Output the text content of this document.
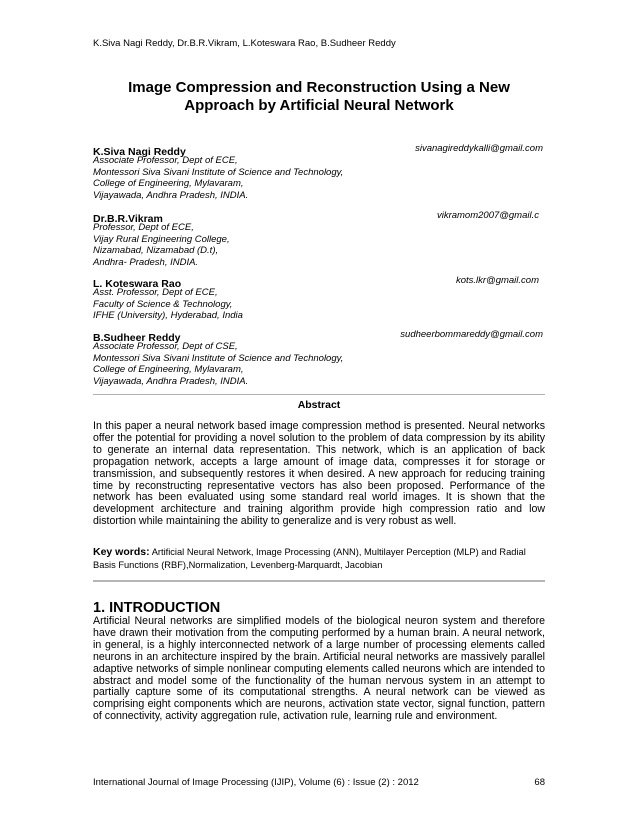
K.Siva Nagi Reddy, Dr.B.R.Vikram, L.Koteswara Rao, B.Sudheer Reddy
Image Compression and Reconstruction Using a New Approach by Artificial Neural Network
K.Siva Nagi Reddy	sivanagireddykalli@gmail.com
Associate Professor, Dept of ECE,
Montessori Siva Sivani Institute of Science and Technology,
College of Engineering, Mylavaram,
Vijayawada, Andhra Pradesh, INDIA.
Dr.B.R.Vikram	vikramom2007@gmail.c
Professor, Dept of ECE,
Vijay Rural Engineering College,
Nizamabad, Nizamabad (D.t),
Andhra- Pradesh, INDIA.
L. Koteswara Rao	kots.lkr@gmail.com
Asst. Professor, Dept of ECE,
Faculty of Science & Technology,
IFHE (University), Hyderabad, India
B.Sudheer Reddy	sudheerbommareddy@gmail.com
Associate Professor, Dept of CSE,
Montessori Siva Sivani Institute of Science and Technology,
College of Engineering, Mylavaram,
Vijayawada, Andhra Pradesh, INDIA.
Abstract
In this paper a neural network based image compression method is presented. Neural networks offer the potential for providing a novel solution to the problem of data compression by its ability to generate an internal data representation. This network, which is an application of back propagation network, accepts a large amount of image data, compresses it for storage or transmission, and subsequently restores it when desired. A new approach for reducing training time by reconstructing representative vectors has also been proposed. Performance of the network has been evaluated using some standard real world images. It is shown that the development architecture and training algorithm provide high compression ratio and low distortion while maintaining the ability to generalize and is very robust as well.
Key words: Artificial Neural Network, Image Processing (ANN), Multilayer Perception (MLP) and Radial Basis Functions (RBF),Normalization, Levenberg-Marquardt, Jacobian
1. INTRODUCTION
Artificial Neural networks are simplified models of the biological neuron system and therefore have drawn their motivation from the computing performed by a human brain. A neural network, in general, is a highly interconnected network of a large number of processing elements called neurons in an architecture inspired by the brain. Artificial neural networks are massively parallel adaptive networks of simple nonlinear computing elements called neurons which are intended to abstract and model some of the functionality of the human nervous system in an attempt to partially capture some of its computational strengths. A neural network can be viewed as comprising eight components which are neurons, activation state vector, signal function, pattern of connectivity, activity aggregation rule, activation rule, learning rule and environment.
International Journal of Image Processing (IJIP), Volume (6) : Issue (2) : 2012	68
